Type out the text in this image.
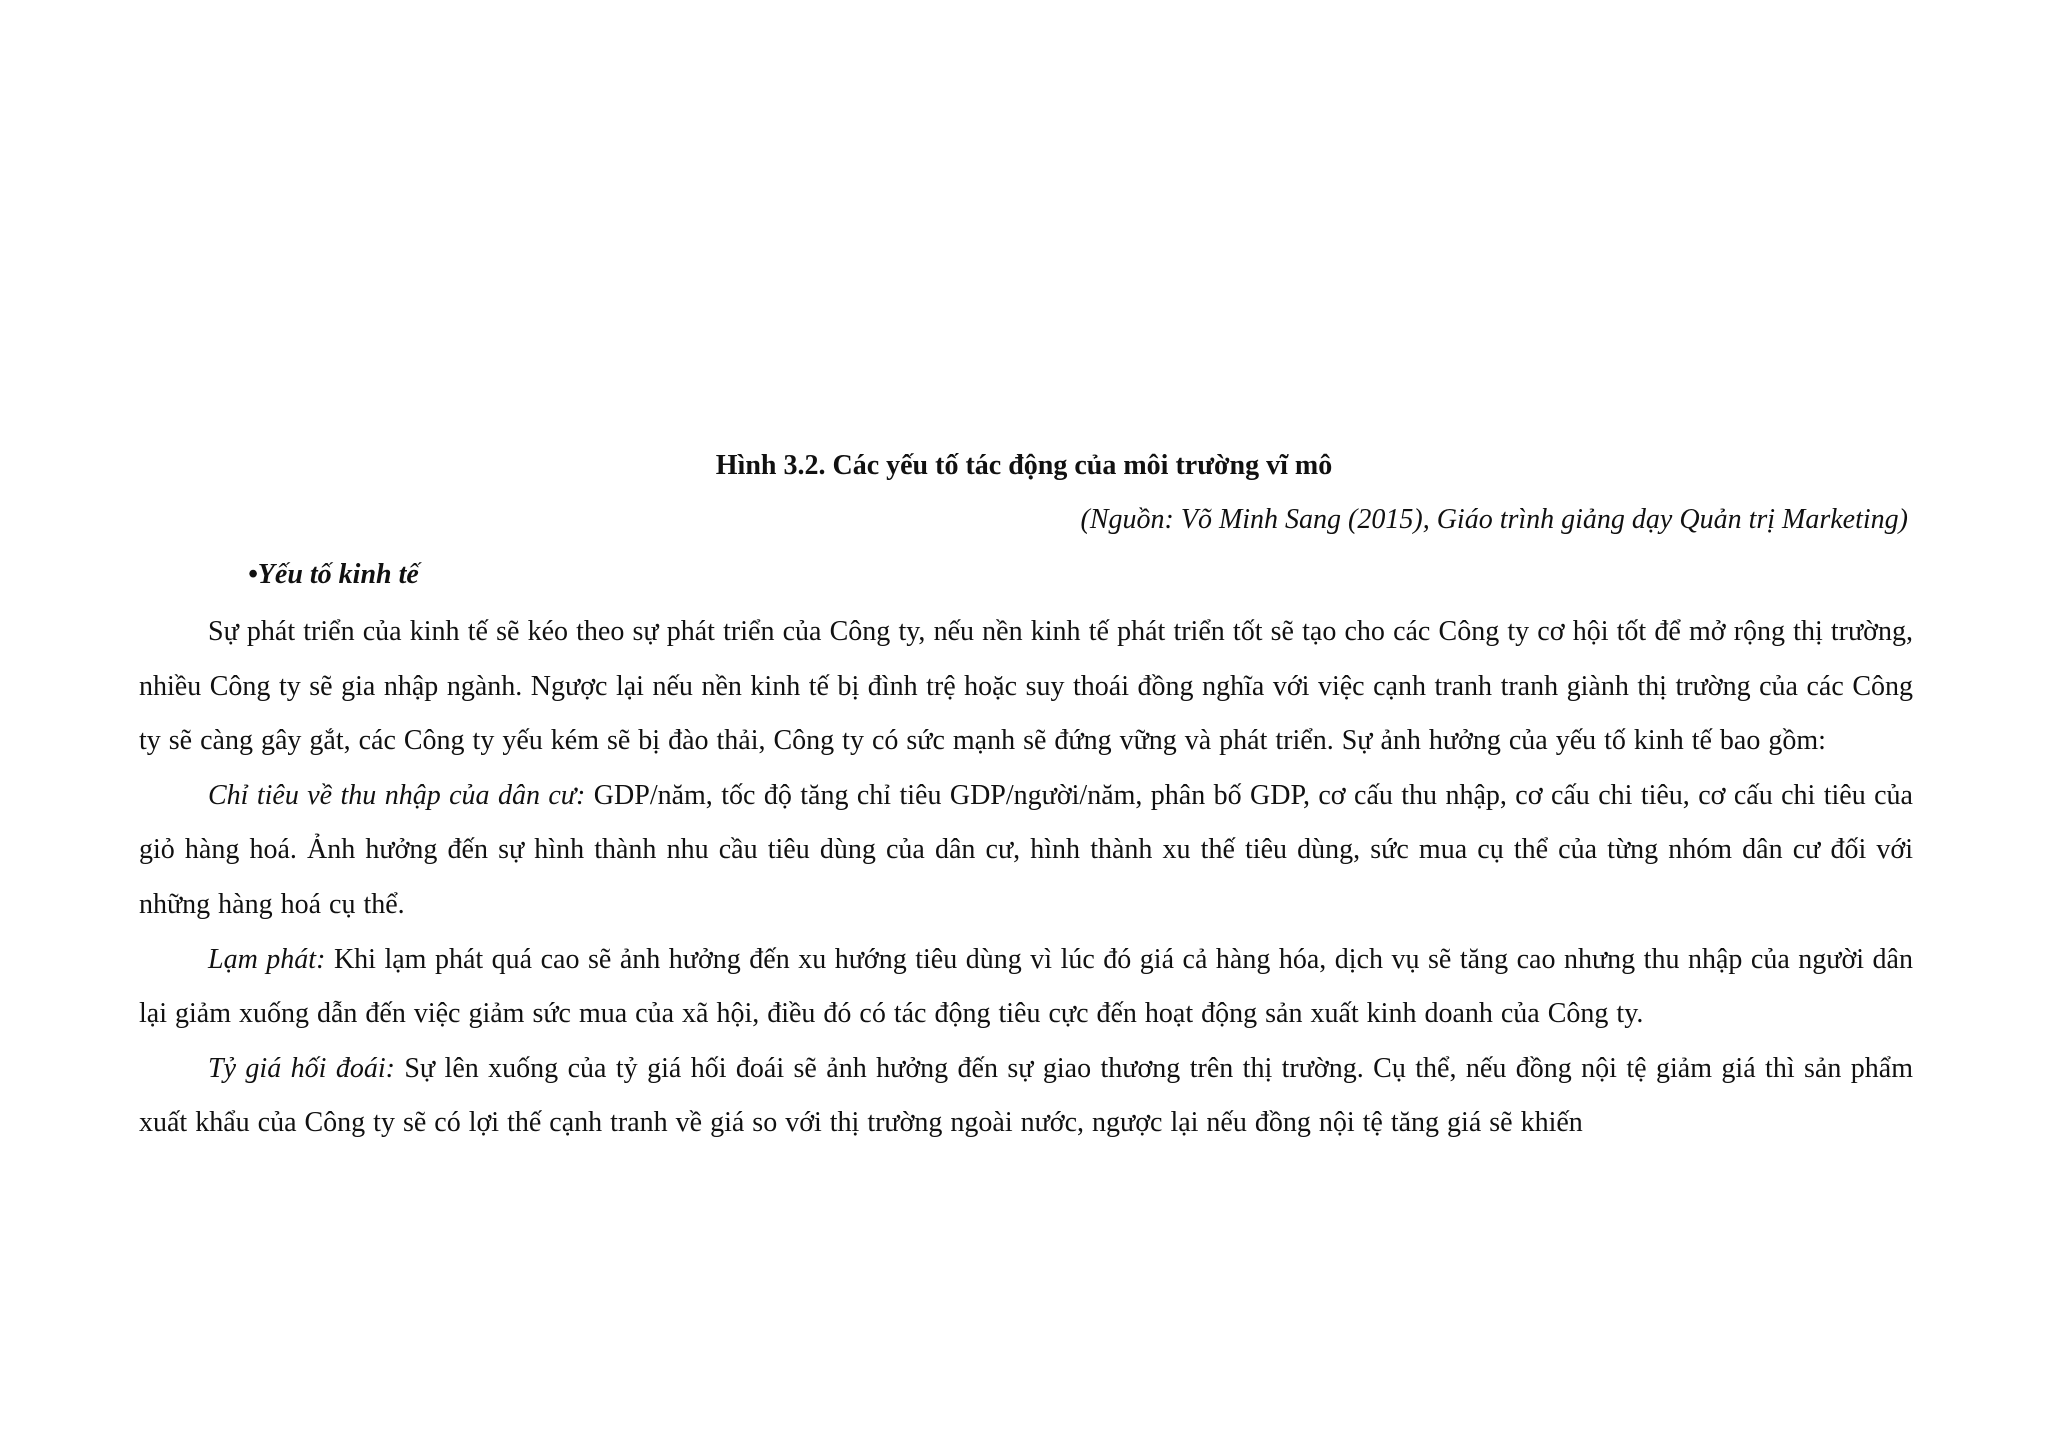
Hình 3.2. Các yếu tố tác động của môi trường vĩ mô

(Nguồn: Võ Minh Sang (2015), Giáo trình giảng dạy Quản trị Marketing)

•Yếu tố kinh tế

Sự phát triển của kinh tế sẽ kéo theo sự phát triển của Công ty, nếu nền kinh tế phát triển tốt sẽ tạo cho các Công ty cơ hội tốt để mở rộng thị trường, nhiều Công ty sẽ gia nhập ngành. Ngược lại nếu nền kinh tế bị đình trệ hoặc suy thoái đồng nghĩa với việc cạnh tranh tranh giành thị trường của các Công ty sẽ càng gây gắt, các Công ty yếu kém sẽ bị đào thải, Công ty có sức mạnh sẽ đứng vững và phát triển. Sự ảnh hưởng của yếu tố kinh tế bao gồm:

Chỉ tiêu về thu nhập của dân cư: GDP/năm, tốc độ tăng chỉ tiêu GDP/người/năm, phân bố GDP, cơ cấu thu nhập, cơ cấu chi tiêu, cơ cấu chi tiêu của giỏ hàng hoá. Ảnh hưởng đến sự hình thành nhu cầu tiêu dùng của dân cư, hình thành xu thế tiêu dùng, sức mua cụ thể của từng nhóm dân cư đối với những hàng hoá cụ thể.

Lạm phát: Khi lạm phát quá cao sẽ ảnh hưởng đến xu hướng tiêu dùng vì lúc đó giá cả hàng hóa, dịch vụ sẽ tăng cao nhưng thu nhập của người dân lại giảm xuống dẫn đến việc giảm sức mua của xã hội, điều đó có tác động tiêu cực đến hoạt động sản xuất kinh doanh của Công ty.

Tỷ giá hối đoái: Sự lên xuống của tỷ giá hối đoái sẽ ảnh hưởng đến sự giao thương trên thị trường. Cụ thể, nếu đồng nội tệ giảm giá thì sản phẩm xuất khẩu của Công ty sẽ có lợi thế cạnh tranh về giá so với thị trường ngoài nước, ngược lại nếu đồng nội tệ tăng giá sẽ khiến
